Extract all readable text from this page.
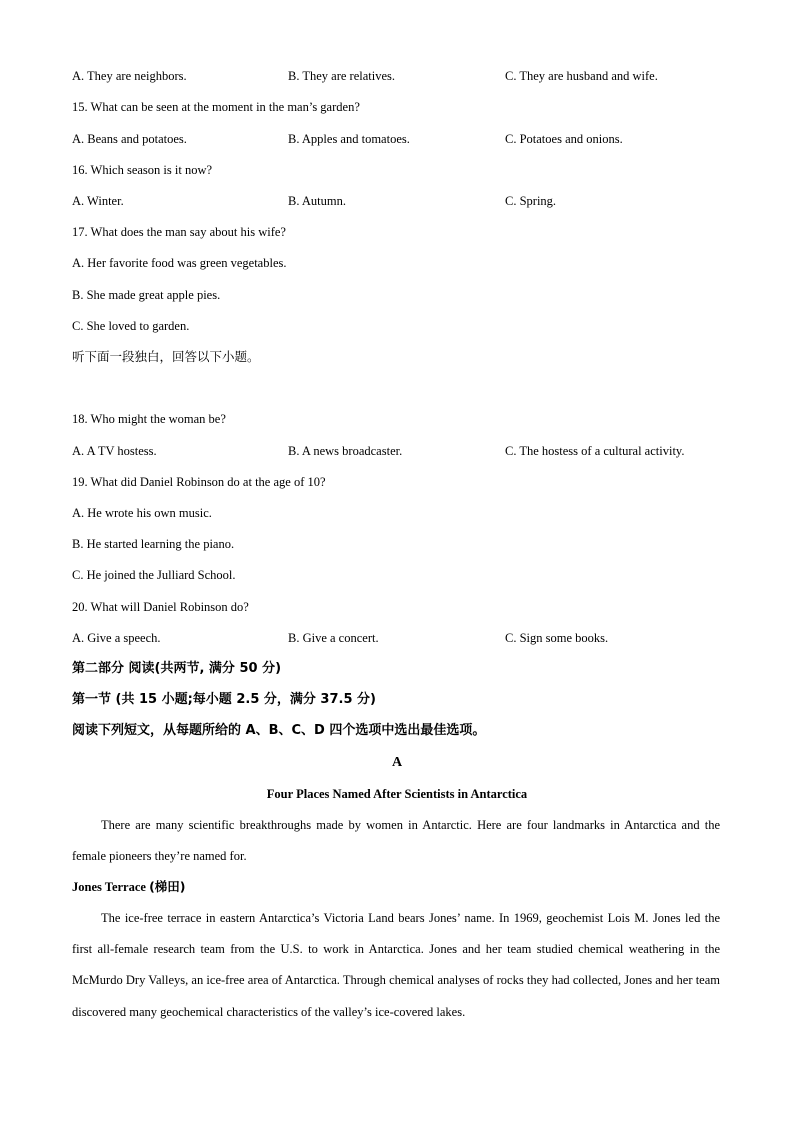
A. They are neighbors.	B. They are relatives.	C. They are husband and wife.
15. What can be seen at the moment in the man’s garden?
A. Beans and potatoes.	B. Apples and tomatoes.	C. Potatoes and onions.
16. Which season is it now?
A. Winter.	B. Autumn.	C. Spring.
17. What does the man say about his wife?
A. Her favorite food was green vegetables.
B. She made great apple pies.
C. She loved to garden.
听下面一段独白，回答以下小题。
18. Who might the woman be?
A. A TV hostess.	B. A news broadcaster.	C. The hostess of a cultural activity.
19. What did Daniel Robinson do at the age of 10?
A. He wrote his own music.
B. He started learning the piano.
C. He joined the Julliard School.
20. What will Daniel Robinson do?
A. Give a speech.	B. Give a concert.	C. Sign some books.
第二部分 阅读(共两节, 满分 50 分)
第一节 (共 15 小题;每小题 2.5 分，满分 37.5 分)
阅读下列短文，从每题所给的 A、B、C、D 四个选项中选出最佳选项。
A
Four Places Named After Scientists in Antarctica

There are many scientific breakthroughs made by women in Antarctic. Here are four landmarks in Antarctica and the female pioneers they’re named for.

Jones Terrace (梯田)

The ice-free terrace in eastern Antarctica’s Victoria Land bears Jones’ name. In 1969, geochemist Lois M. Jones led the first all-female research team from the U.S. to work in Antarctica. Jones and her team studied chemical weathering in the McMurdo Dry Valleys, an ice-free area of Antarctica. Through chemical analyses of rocks they had collected, Jones and her team discovered many geochemical characteristics of the valley’s ice-covered lakes.
